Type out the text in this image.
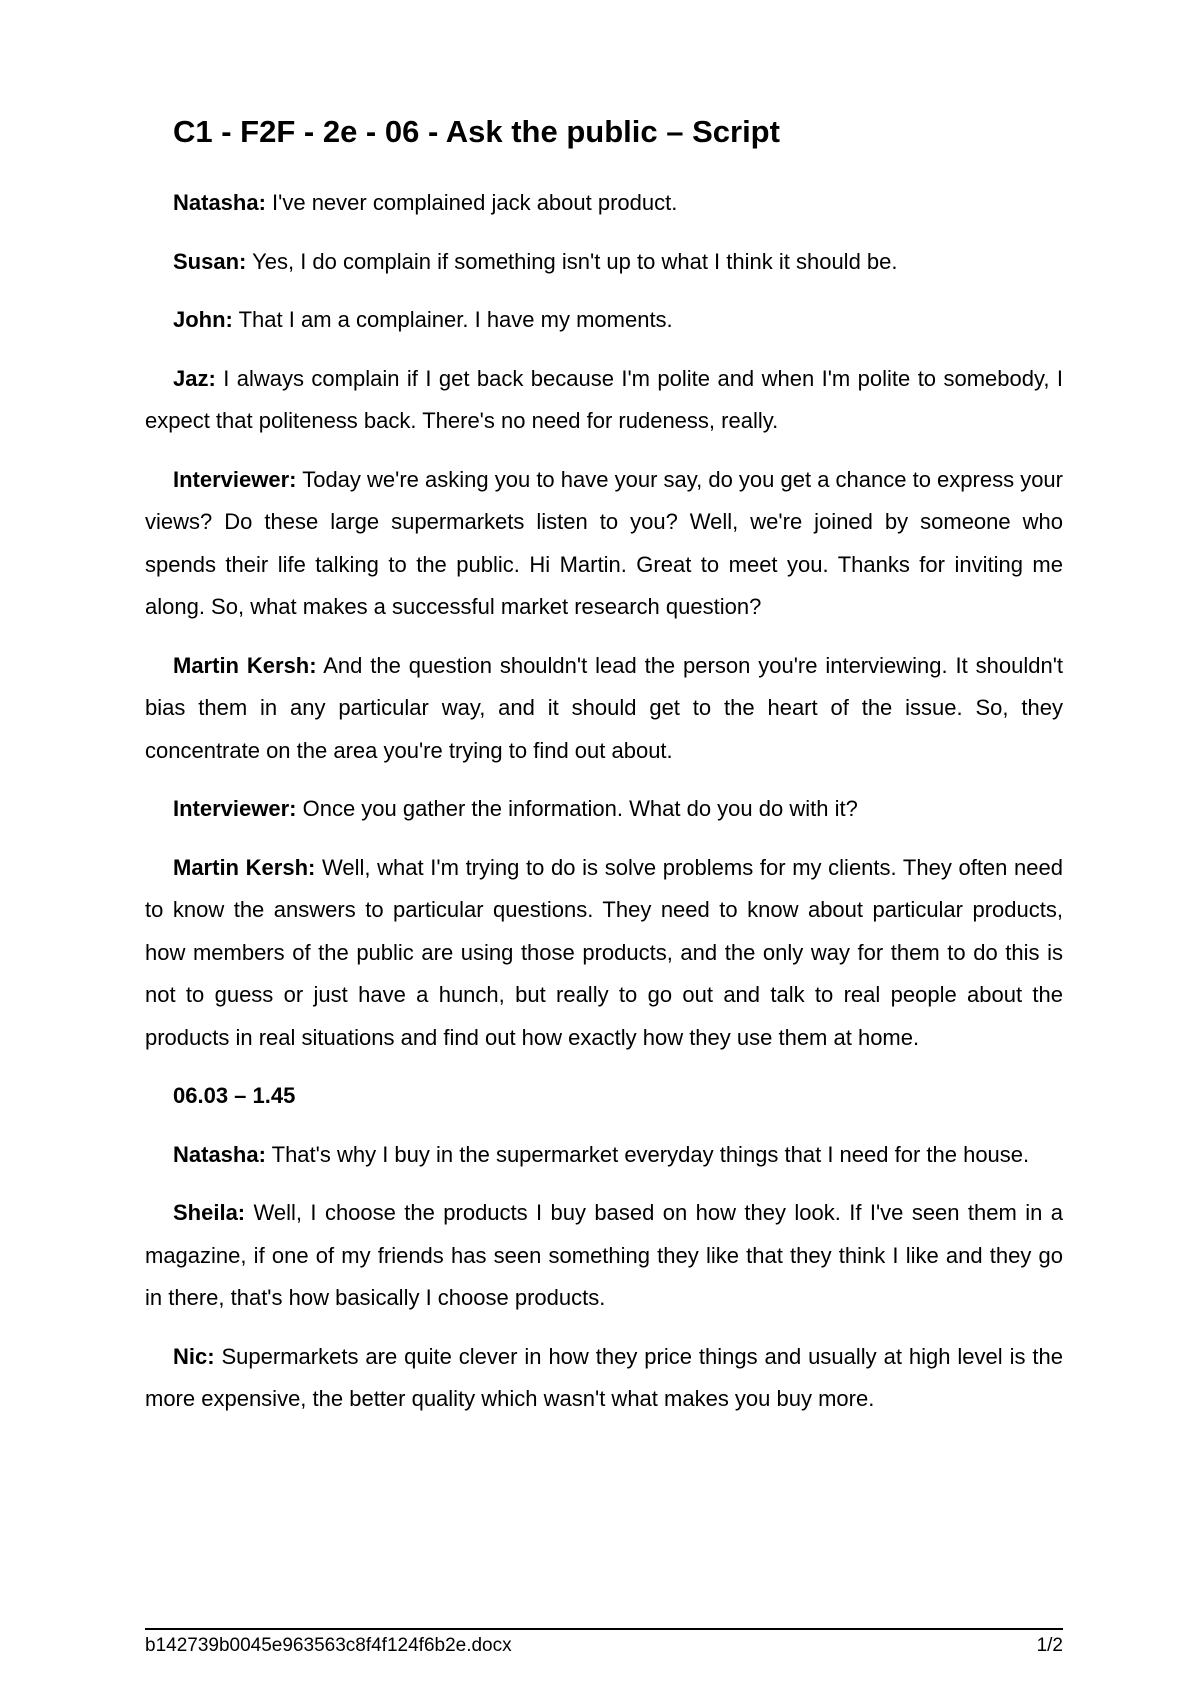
C1 - F2F - 2e - 06 - Ask the public – Script

Natasha: I've never complained jack about product.

Susan: Yes, I do complain if something isn't up to what I think it should be.

John: That I am a complainer. I have my moments.

Jaz: I always complain if I get back because I'm polite and when I'm polite to somebody, I expect that politeness back. There's no need for rudeness, really.

Interviewer: Today we're asking you to have your say, do you get a chance to express your views? Do these large supermarkets listen to you? Well, we're joined by someone who spends their life talking to the public. Hi Martin. Great to meet you. Thanks for inviting me along. So, what makes a successful market research question?

Martin Kersh: And the question shouldn't lead the person you're interviewing. It shouldn't bias them in any particular way, and it should get to the heart of the issue. So, they concentrate on the area you're trying to find out about.

Interviewer: Once you gather the information. What do you do with it?

Martin Kersh: Well, what I'm trying to do is solve problems for my clients. They often need to know the answers to particular questions. They need to know about particular products, how members of the public are using those products, and the only way for them to do this is not to guess or just have a hunch, but really to go out and talk to real people about the products in real situations and find out how exactly how they use them at home.

06.03 – 1.45

Natasha: That's why I buy in the supermarket everyday things that I need for the house.

Sheila: Well, I choose the products I buy based on how they look. If I've seen them in a magazine, if one of my friends has seen something they like that they think I like and they go in there, that's how basically I choose products.

Nic: Supermarkets are quite clever in how they price things and usually at high level is the more expensive, the better quality which wasn't what makes you buy more.

b142739b0045e963563c8f4f124f6b2e.docx	1/2
